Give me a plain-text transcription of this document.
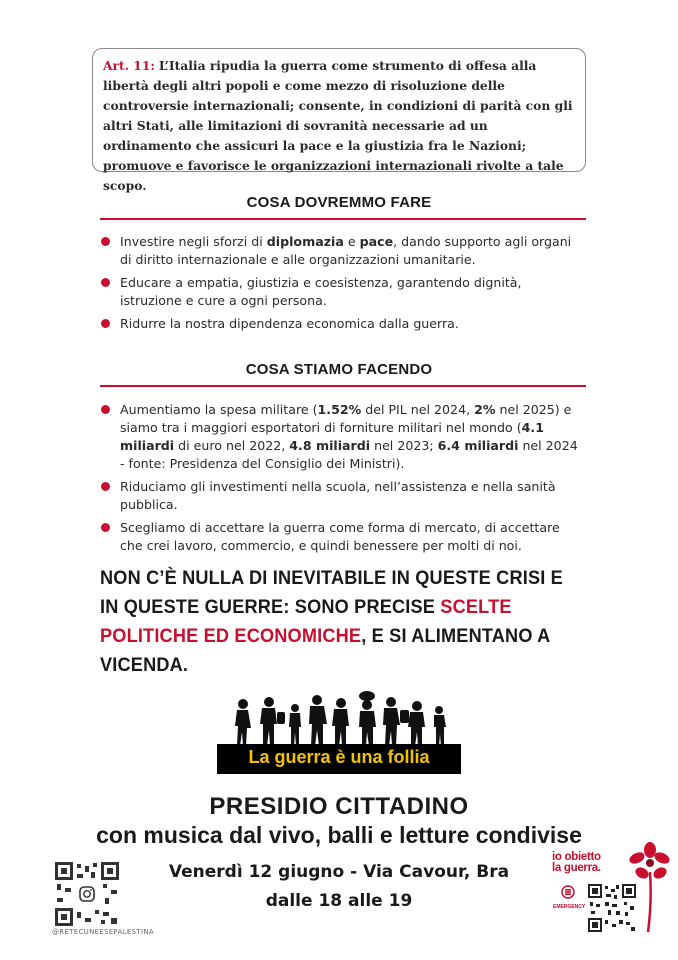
Art. 11: L’Italia ripudia la guerra come strumento di offesa alla libertà degli altri popoli e come mezzo di risoluzione delle controversie internazionali; consente, in condizioni di parità con gli altri Stati, alle limitazioni di sovranità necessarie ad un ordinamento che assicuri la pace e la giustizia fra le Nazioni; promuove e favorisce le organizzazioni internazionali rivolte a tale scopo.
COSA DOVREMMO FARE
Investire negli sforzi di diplomazia e pace, dando supporto agli organi di diritto internazionale e alle organizzazioni umanitarie.
Educare a empatia, giustizia e coesistenza, garantendo dignità, istruzione e cure a ogni persona.
Ridurre la nostra dipendenza economica dalla guerra.
COSA STIAMO FACENDO
Aumentiamo la spesa militare (1.52% del PIL nel 2024, 2% nel 2025) e siamo tra i maggiori esportatori di forniture militari nel mondo (4.1 miliardi di euro nel 2022, 4.8 miliardi nel 2023; 6.4 miliardi nel 2024 - fonte: Presidenza del Consiglio dei Ministri).
Riduciamo gli investimenti nella scuola, nell’assistenza e nella sanità pubblica.
Scegliamo di accettare la guerra come forma di mercato, di accettare che crei lavoro, commercio, e quindi benessere per molti di noi.
NON C’È NULLA DI INEVITABILE IN QUESTE CRISI E IN QUESTE GUERRE: SONO PRECISE SCELTE POLITICHE ED ECONOMICHE, E SI ALIMENTANO A VICENDA.
La guerra è una follia
PRESIDIO CITTADINO
con musica dal vivo, balli e letture condivise
Venerdì 12 giugno - Via Cavour, Bra
dalle 18 alle 19
@RETECUNEESEPALESTINA
io obietto
la guerra.
EMERGENCY
